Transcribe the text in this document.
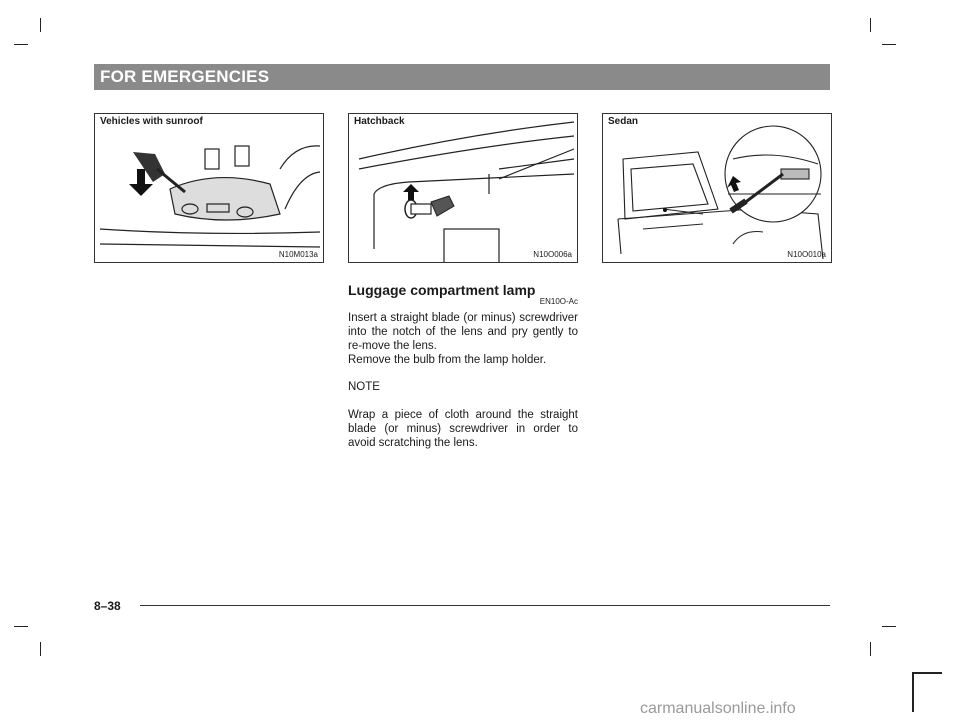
FOR EMERGENCIES
Vehicles with sunroof
N10M013a
Hatchback
N10O006a
Sedan
N10O010a
Luggage compartment lamp
EN10O-Ac

Insert a straight blade (or minus) screwdriver into the notch of the lens and pry gently to re-move the lens.

Remove the bulb from the lamp holder.

NOTE

Wrap a piece of cloth around the straight blade (or minus) screwdriver in order to avoid scratching the lens.

8–38
carmanualsonline.info
